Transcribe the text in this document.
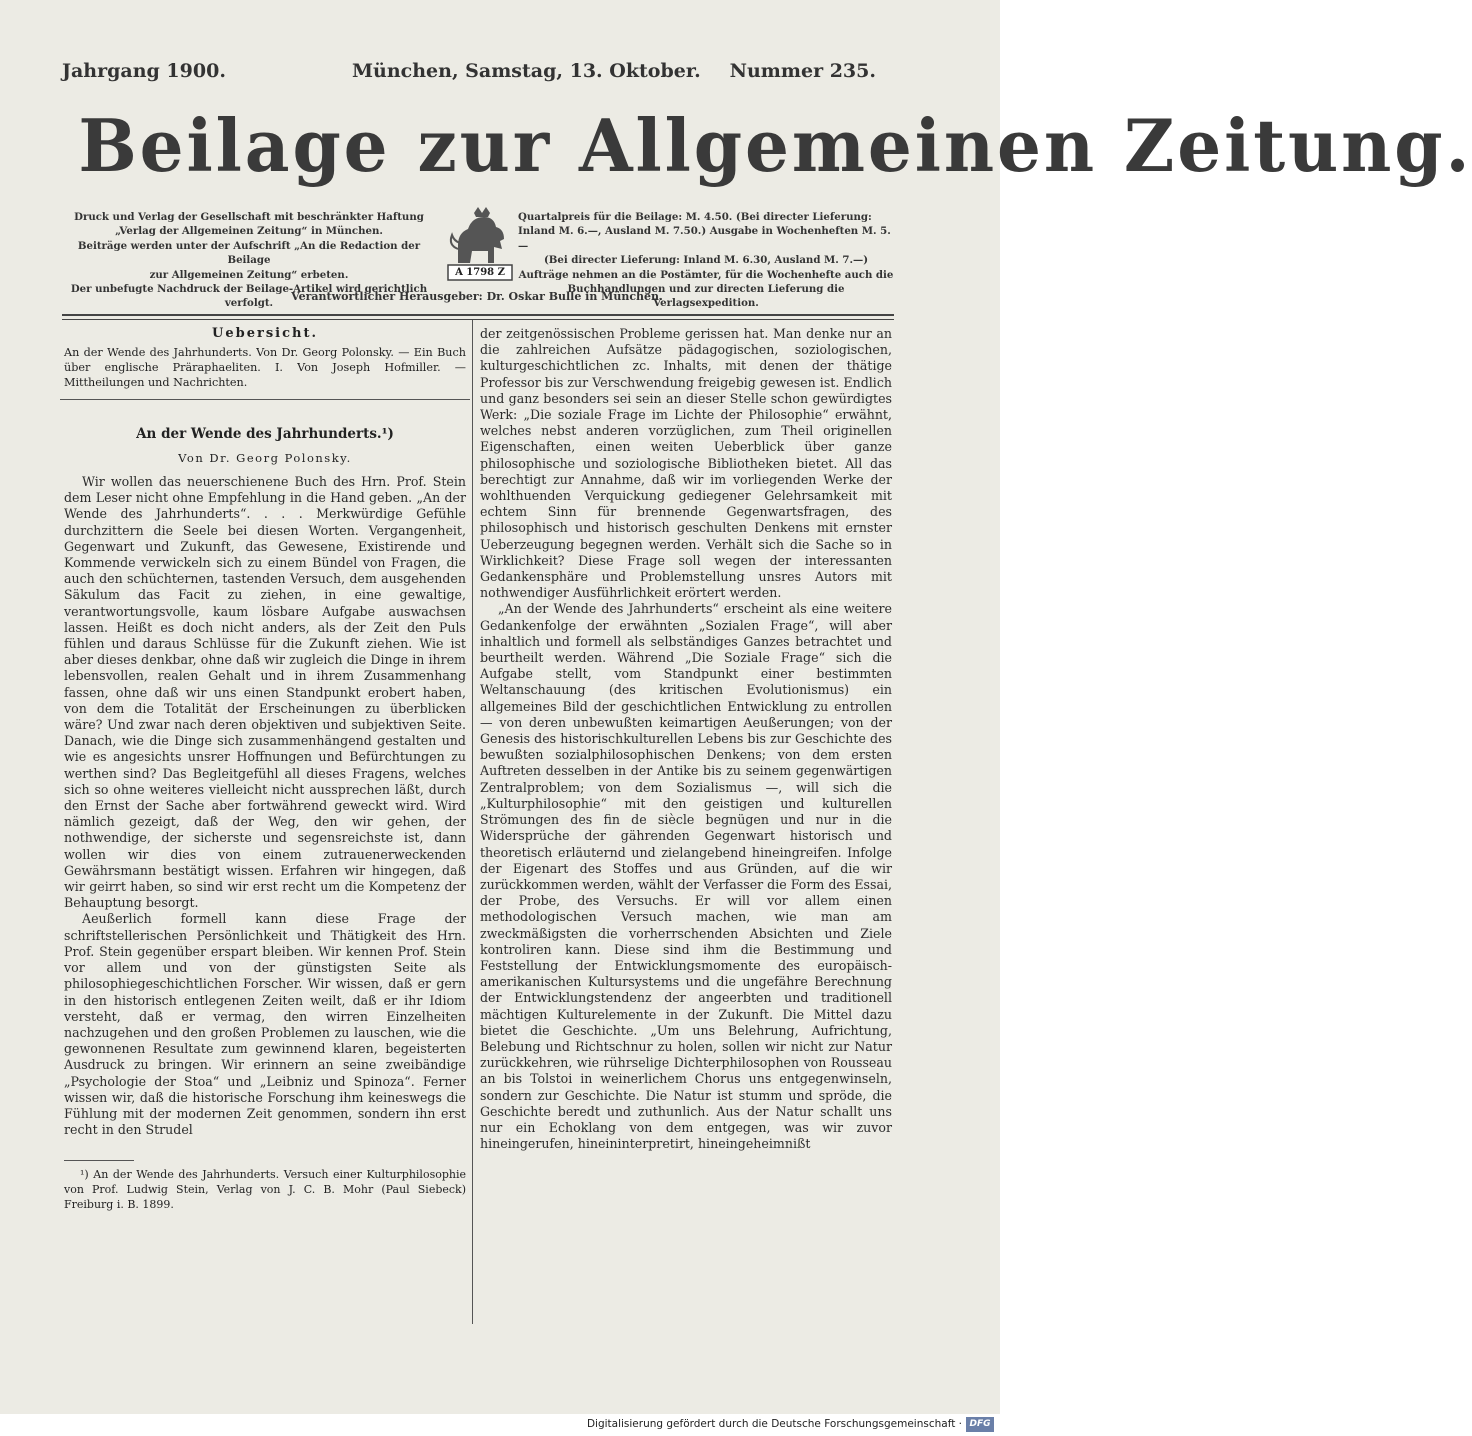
Jahrgang 1900.	München, Samstag, 13. Oktober. Nummer 235.
Beilage zur Allgemeinen Zeitung.
Druck und Verlag der Gesellschaft mit beschränkter Haftung
„Verlag der Allgemeinen Zeitung“ in München.
Beiträge werden unter der Aufschrift „An die Redaction der Beilage
zur Allgemeinen Zeitung“ erbeten.
Der unbefugte Nachdruck der Beilage-Artikel wird gerichtlich verfolgt.
A 1798 Z
Quartalpreis für die Beilage: M. 4.50. (Bei directer Lieferung:
Inland M. 6.—, Ausland M. 7.50.) Ausgabe in Wochenheften M. 5.—
(Bei directer Lieferung: Inland M. 6.30, Ausland M. 7.—)
Aufträge nehmen an die Postämter, für die Wochenhefte auch die
Buchhandlungen und zur directen Lieferung die Verlagsexpedition.
Verantwortlicher Herausgeber: Dr. Oskar Bulle in München.
Uebersicht.
An der Wende des Jahrhunderts. Von Dr. Georg Polonsky. — Ein Buch über englische Präraphaeliten. I. Von Joseph Hofmiller. — Mittheilungen und Nachrichten.
An der Wende des Jahrhunderts.¹)
Von Dr. Georg Polonsky.

Wir wollen das neuerschienene Buch des Hrn. Prof. Stein dem Leser nicht ohne Empfehlung in die Hand geben. „An der Wende des Jahrhunderts“. . . . Merkwürdige Gefühle durchzittern die Seele bei diesen Worten. Vergangenheit, Gegenwart und Zukunft, das Gewesene, Existirende und Kommende verwickeln sich zu einem Bündel von Fragen, die auch den schüchternen, tastenden Versuch, dem ausgehenden Säkulum das Facit zu ziehen, in eine gewaltige, verantwortungsvolle, kaum lösbare Aufgabe auswachsen lassen. Heißt es doch nicht anders, als der Zeit den Puls fühlen und daraus Schlüsse für die Zukunft ziehen. Wie ist aber dieses denkbar, ohne daß wir zugleich die Dinge in ihrem lebensvollen, realen Gehalt und in ihrem Zusammenhang fassen, ohne daß wir uns einen Standpunkt erobert haben, von dem die Totalität der Erscheinungen zu überblicken wäre? Und zwar nach deren objektiven und subjektiven Seite. Danach, wie die Dinge sich zusammenhängend gestalten und wie es angesichts unsrer Hoffnungen und Befürchtungen zu werthen sind? Das Begleitgefühl all dieses Fragens, welches sich so ohne weiteres vielleicht nicht aussprechen läßt, durch den Ernst der Sache aber fortwährend geweckt wird. Wird nämlich gezeigt, daß der Weg, den wir gehen, der nothwendige, der sicherste und segensreichste ist, dann wollen wir dies von einem zutrauenerweckenden Gewährsmann bestätigt wissen. Erfahren wir hingegen, daß wir geirrt haben, so sind wir erst recht um die Kompetenz der Behauptung besorgt.

Aeußerlich formell kann diese Frage der schriftstellerischen Persönlichkeit und Thätigkeit des Hrn. Prof. Stein gegenüber erspart bleiben. Wir kennen Prof. Stein vor allem und von der günstigsten Seite als philosophiegeschichtlichen Forscher. Wir wissen, daß er gern in den historisch entlegenen Zeiten weilt, daß er ihr Idiom versteht, daß er vermag, den wirren Einzelheiten nachzugehen und den großen Problemen zu lauschen, wie die gewonnenen Resultate zum gewinnend klaren, begeisterten Ausdruck zu bringen. Wir erinnern an seine zweibändige „Psychologie der Stoa“ und „Leibniz und Spinoza“. Ferner wissen wir, daß die historische Forschung ihm keineswegs die Fühlung mit der modernen Zeit genommen, sondern ihn erst recht in den Strudel

¹) An der Wende des Jahrhunderts. Versuch einer Kulturphilosophie von Prof. Ludwig Stein, Verlag von J. C. B. Mohr (Paul Siebeck) Freiburg i. B. 1899.

der zeitgenössischen Probleme gerissen hat. Man denke nur an die zahlreichen Aufsätze pädagogischen, soziologischen, kulturgeschichtlichen zc. Inhalts, mit denen der thätige Professor bis zur Verschwendung freigebig gewesen ist. Endlich und ganz besonders sei sein an dieser Stelle schon gewürdigtes Werk: „Die soziale Frage im Lichte der Philosophie“ erwähnt, welches nebst anderen vorzüglichen, zum Theil originellen Eigenschaften, einen weiten Ueberblick über ganze philosophische und soziologische Bibliotheken bietet. All das berechtigt zur Annahme, daß wir im vorliegenden Werke der wohlthuenden Verquickung gediegener Gelehrsamkeit mit echtem Sinn für brennende Gegenwartsfragen, des philosophisch und historisch geschulten Denkens mit ernster Ueberzeugung begegnen werden. Verhält sich die Sache so in Wirklichkeit? Diese Frage soll wegen der interessanten Gedankensphäre und Problemstellung unsres Autors mit nothwendiger Ausführlichkeit erörtert werden.

„An der Wende des Jahrhunderts“ erscheint als eine weitere Gedankenfolge der erwähnten „Sozialen Frage“, will aber inhaltlich und formell als selbständiges Ganzes betrachtet und beurtheilt werden. Während „Die Soziale Frage“ sich die Aufgabe stellt, vom Standpunkt einer bestimmten Weltanschauung (des kritischen Evolutionismus) ein allgemeines Bild der geschichtlichen Entwicklung zu entrollen — von deren unbewußten keimartigen Aeußerungen; von der Genesis des historischkulturellen Lebens bis zur Geschichte des bewußten sozialphilosophischen Denkens; von dem ersten Auftreten desselben in der Antike bis zu seinem gegenwärtigen Zentralproblem; von dem Sozialismus —, will sich die „Kulturphilosophie“ mit den geistigen und kulturellen Strömungen des fin de siècle begnügen und nur in die Widersprüche der gährenden Gegenwart historisch und theoretisch erläuternd und zielangebend hineingreifen. Infolge der Eigenart des Stoffes und aus Gründen, auf die wir zurückkommen werden, wählt der Verfasser die Form des Essai, der Probe, des Versuchs. Er will vor allem einen methodologischen Versuch machen, wie man am zweckmäßigsten die vorherrschenden Absichten und Ziele kontroliren kann. Diese sind ihm die Bestimmung und Feststellung der Entwicklungsmomente des europäisch-amerikanischen Kultursystems und die ungefähre Berechnung der Entwicklungstendenz der angeerbten und traditionell mächtigen Kulturelemente in der Zukunft. Die Mittel dazu bietet die Geschichte. „Um uns Belehrung, Aufrichtung, Belebung und Richtschnur zu holen, sollen wir nicht zur Natur zurückkehren, wie rührselige Dichterphilosophen von Rousseau an bis Tolstoi in weinerlichem Chorus uns entgegenwinseln, sondern zur Geschichte. Die Natur ist stumm und spröde, die Geschichte beredt und zuthunlich. Aus der Natur schallt uns nur ein Echoklang von dem entgegen, was wir zuvor hineingerufen, hineininterpretirt, hineingeheimnißt

Digitalisierung gefördert durch die Deutsche Forschungsgemeinschaft · DFG
